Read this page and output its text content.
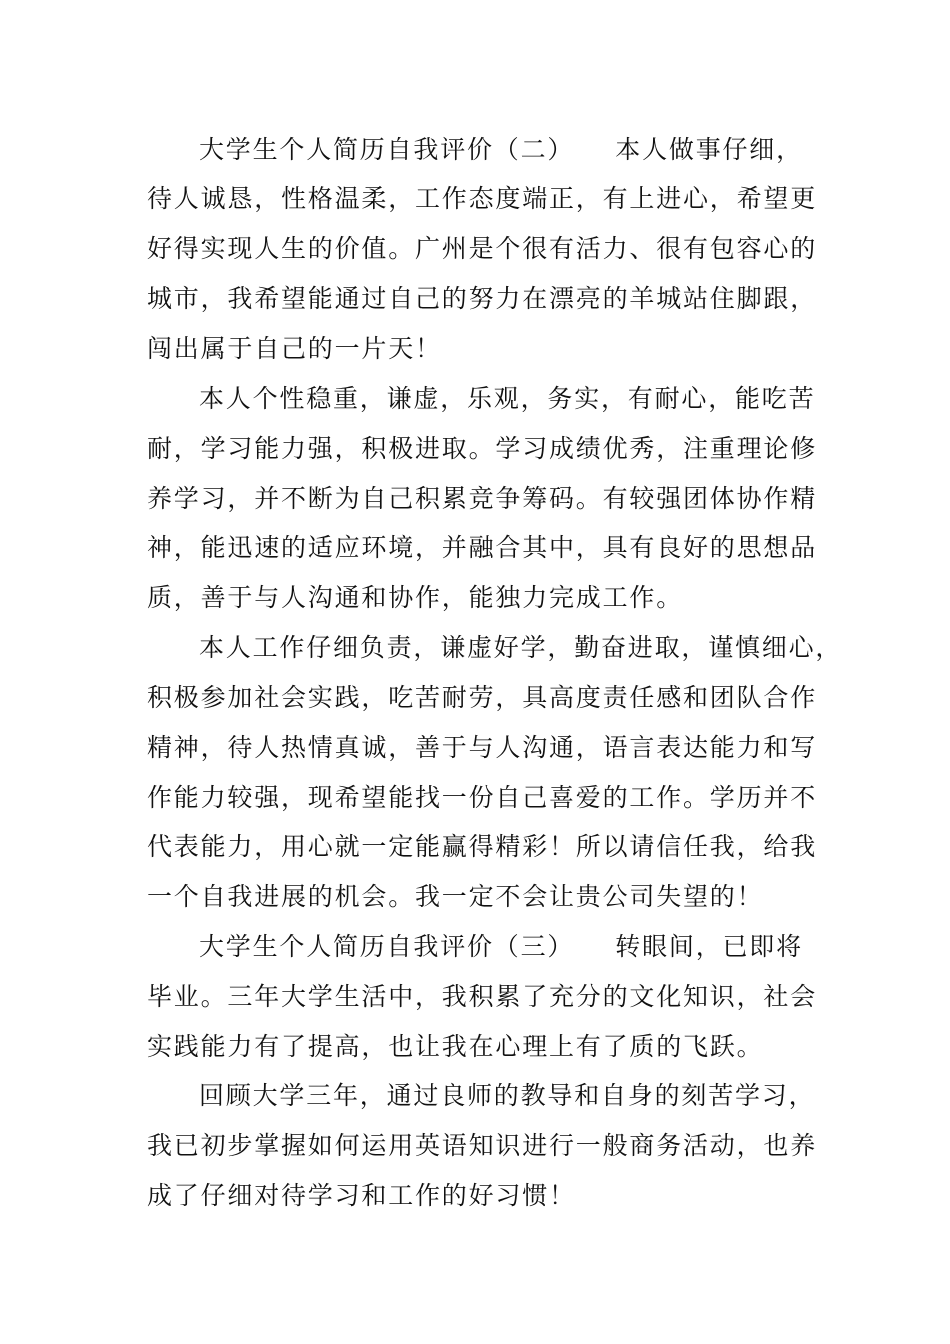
大学生个人简历自我评价（二）　　本人做事仔细，
待人诚恳，性格温柔，工作态度端正，有上进心，希望更
好得实现人生的价值。广州是个很有活力、很有包容心的
城市，我希望能通过自己的努力在漂亮的羊城站住脚跟，
闯出属于自己的一片天！
本人个性稳重，谦虚，乐观，务实，有耐心，能吃苦
耐，学习能力强，积极进取。学习成绩优秀，注重理论修
养学习，并不断为自己积累竞争筹码。有较强团体协作精
神，能迅速的适应环境，并融合其中，具有良好的思想品
质，善于与人沟通和协作，能独力完成工作。
本人工作仔细负责，谦虚好学，勤奋进取，谨慎细心，
积极参加社会实践，吃苦耐劳，具高度责任感和团队合作
精神，待人热情真诚，善于与人沟通，语言表达能力和写
作能力较强，现希望能找一份自己喜爱的工作。学历并不
代表能力，用心就一定能赢得精彩！所以请信任我，给我
一个自我进展的机会。我一定不会让贵公司失望的！
大学生个人简历自我评价（三）　　转眼间，已即将
毕业。三年大学生活中，我积累了充分的文化知识，社会
实践能力有了提高，也让我在心理上有了质的飞跃。
回顾大学三年，通过良师的教导和自身的刻苦学习，
我已初步掌握如何运用英语知识进行一般商务活动，也养
成了仔细对待学习和工作的好习惯！
